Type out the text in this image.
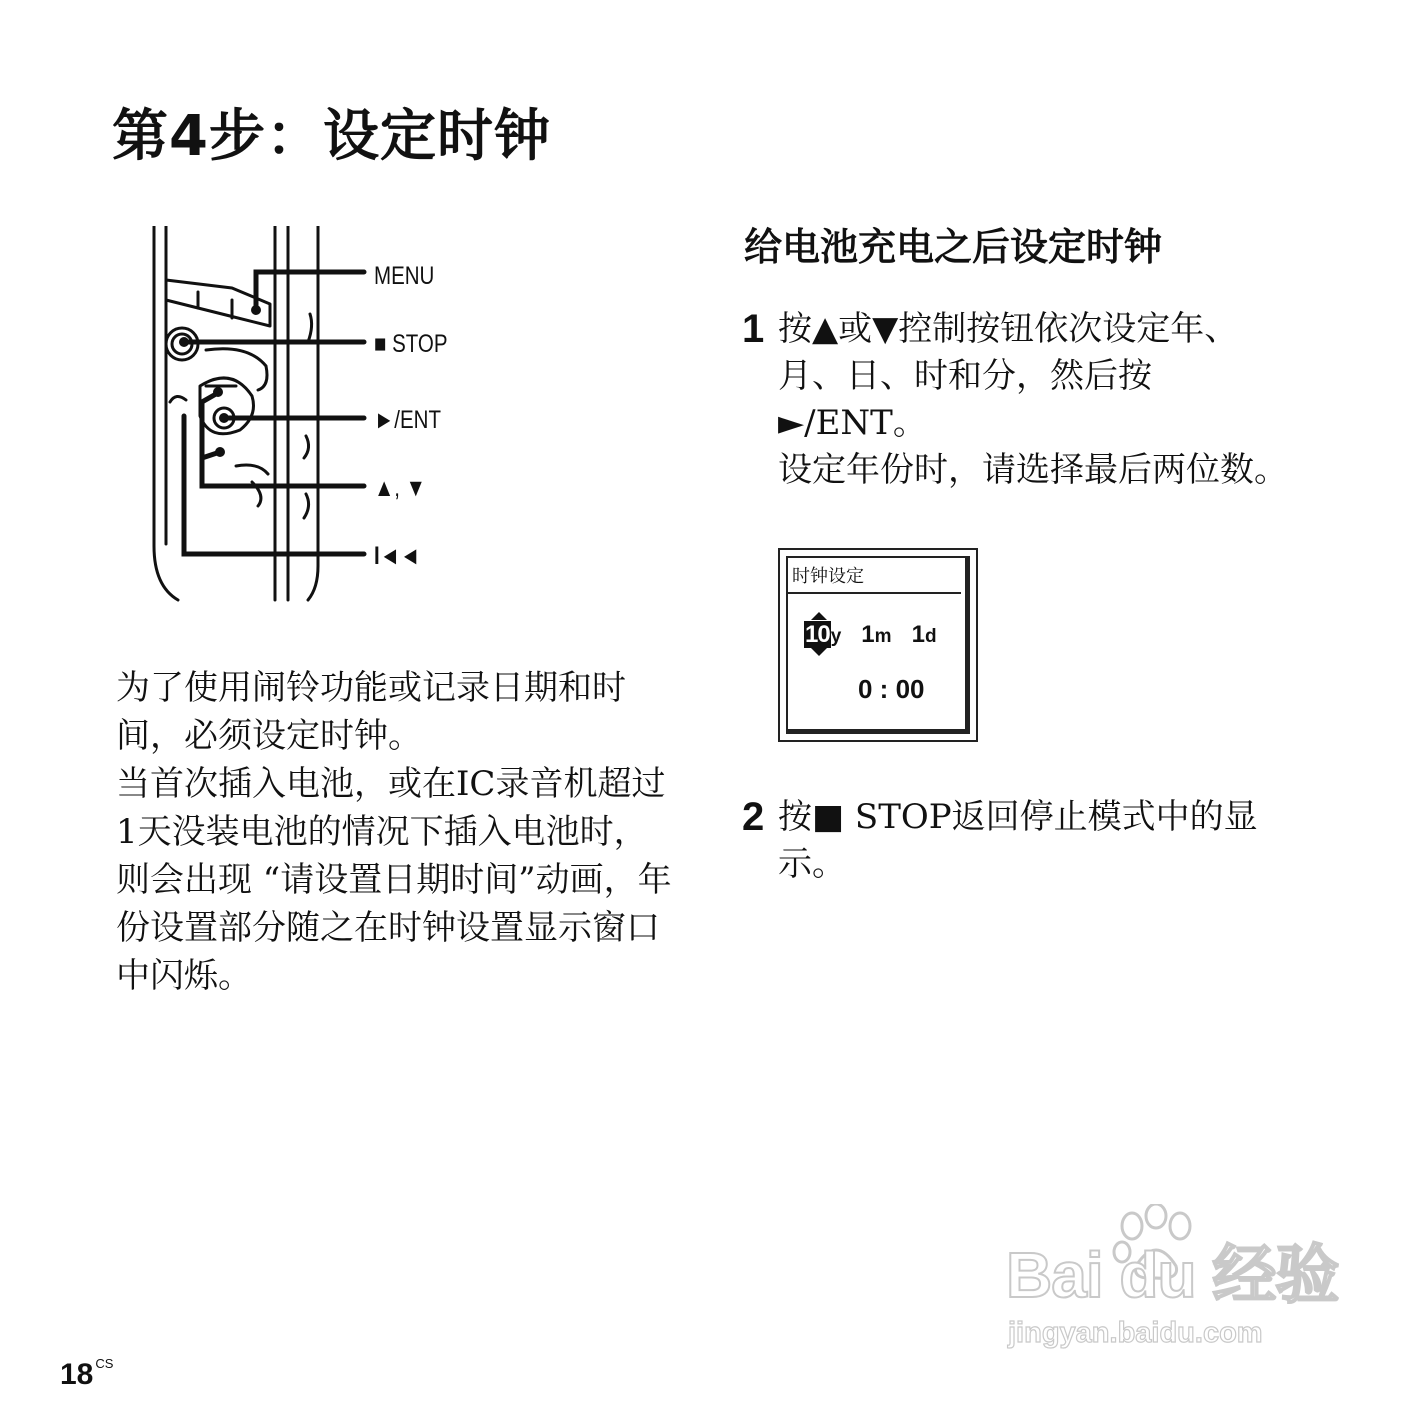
第4步：设定时钟
MENU
■ STOP
►/ENT
▲, ▼
I◄◄

为了使用闹铃功能或记录日期和时间，必须设定时钟。

当首次插入电池，或在IC录音机超过1天没装电池的情况下插入电池时，则会出现 “请设置日期时间”动画，年份设置部分随之在时钟设置显示窗口中闪烁。

给电池充电之后设定时钟
1 按▲或▼控制按钮依次设定年、月、日、时和分，然后按►/ENT。

设定年份时，请选择最后两位数。

时钟设定
10y 1m 1d
0 : 00
2 按■ STOP返回停止模式中的显示。

18 $^{CS}$
Bai du 经验
jingyan.baidu.com
